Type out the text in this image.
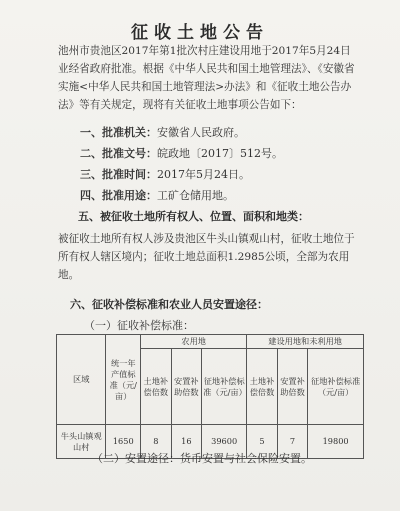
征收土地公告
池州市贵池区2017年第1批次村庄建设用地于2017年5月24日业经省政府批准。根据《中华人民共和国土地管理法》、《安徽省实施<中华人民共和国土地管理法>办法》和《征收土地公告办法》等有关规定，现将有关征收土地事项公告如下：
一、批准机关：安徽省人民政府。
二、批准文号：皖政地〔2017〕512号。
三、批准时间：2017年5月24日。
四、批准用途：工矿仓储用地。
五、被征收土地所有权人、位置、面积和地类：
被征收土地所有权人涉及贵池区牛头山镇观山村，征收土地位于所有权人辖区境内；征收土地总面积1.2985公顷，全部为农用地。
六、征收补偿标准和农业人员安置途径：
（一）征收补偿标准：
区域	统一年产值标准（元/亩）	农用地			建设用地和未利用地		
		土地补偿倍数	安置补助倍数	征地补偿标准（元/亩）	土地补偿倍数	安置补助倍数	征地补偿标准（元/亩）
牛头山镇观山村	1650	8	16	39600	5	7	19800
（二）安置途径：货币安置与社会保险安置。
